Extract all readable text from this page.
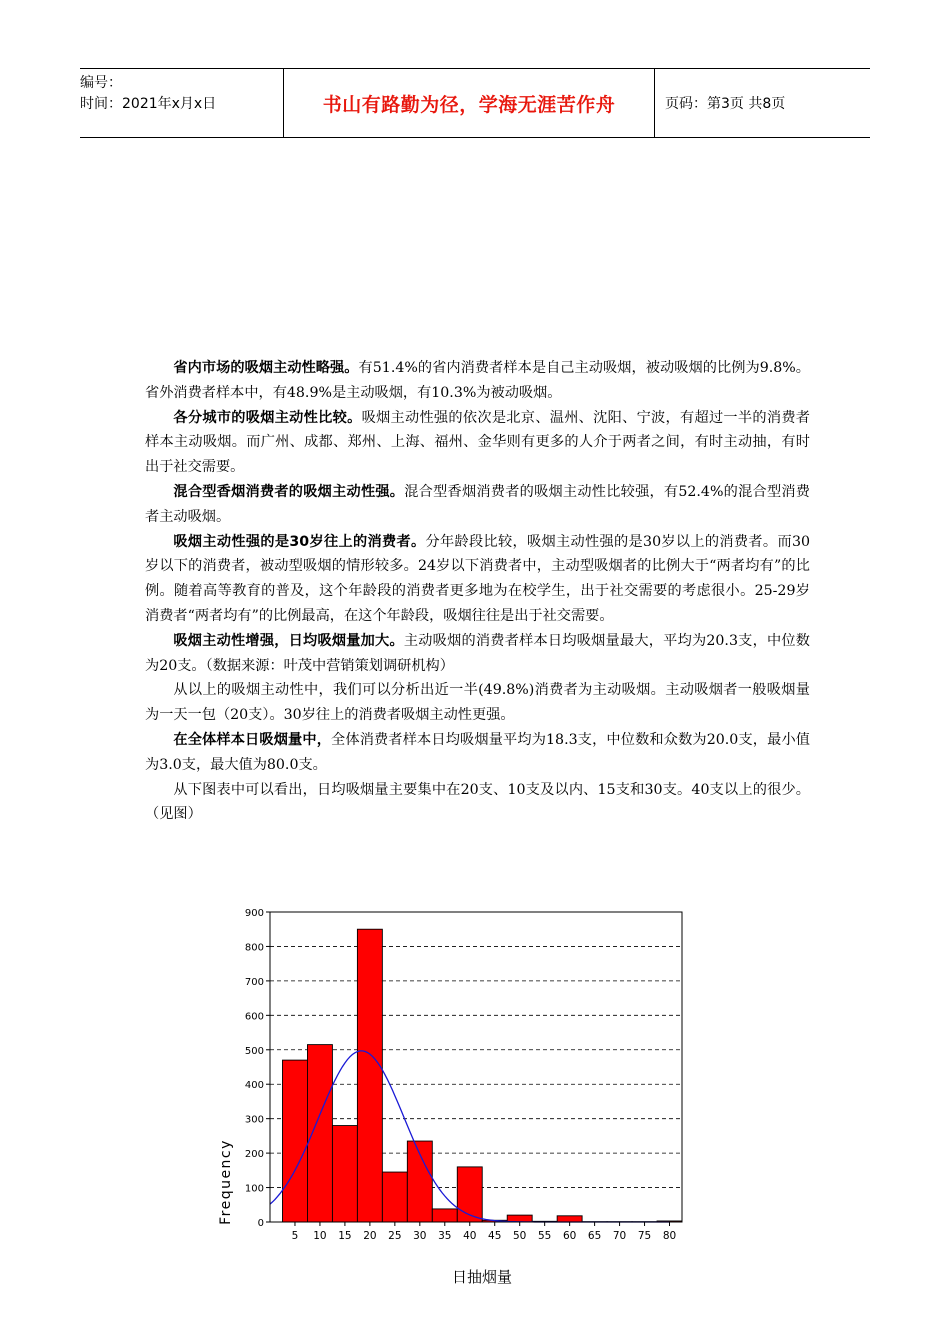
编号：
时间：2021年x月x日	书山有路勤为径，学海无涯苦作舟	页码：第3页 共8页

省内市场的吸烟主动性略强。有51.4%的省内消费者样本是自己主动吸烟，被动吸烟的比例为9.8%。省外消费者样本中，有48.9%是主动吸烟，有10.3%为被动吸烟。

各分城市的吸烟主动性比较。吸烟主动性强的依次是北京、温州、沈阳、宁波，有超过一半的消费者样本主动吸烟。而广州、成都、郑州、上海、福州、金华则有更多的人介于两者之间，有时主动抽，有时出于社交需要。

混合型香烟消费者的吸烟主动性强。混合型香烟消费者的吸烟主动性比较强，有52.4%的混合型消费者主动吸烟。

吸烟主动性强的是30岁往上的消费者。分年龄段比较，吸烟主动性强的是30岁以上的消费者。而30岁以下的消费者，被动型吸烟的情形较多。24岁以下消费者中，主动型吸烟者的比例大于“两者均有”的比例。随着高等教育的普及，这个年龄段的消费者更多地为在校学生，出于社交需要的考虑很小。25-29岁消费者“两者均有”的比例最高，在这个年龄段，吸烟往往是出于社交需要。

吸烟主动性增强，日均吸烟量加大。主动吸烟的消费者样本日均吸烟量最大，平均为20.3支，中位数为20支。（数据来源：叶茂中营销策划调研机构）

从以上的吸烟主动性中，我们可以分析出近一半(49.8%)消费者为主动吸烟。主动吸烟者一般吸烟量为一天一包（20支）。30岁往上的消费者吸烟主动性更强。

在全体样本日吸烟量中，全体消费者样本日均吸烟量平均为18.3支，中位数和众数为20.0支，最小值为3.0支，最大值为80.0支。

从下图表中可以看出，日均吸烟量主要集中在20支、10支及以内、15支和30支。40支以上的很少。（见图）

0
100
200
300
400
500
600
700
800
900
5 10 15 20 25 30 35 40 45 50 55 60 65 70 75 80
Frequency
日抽烟量
